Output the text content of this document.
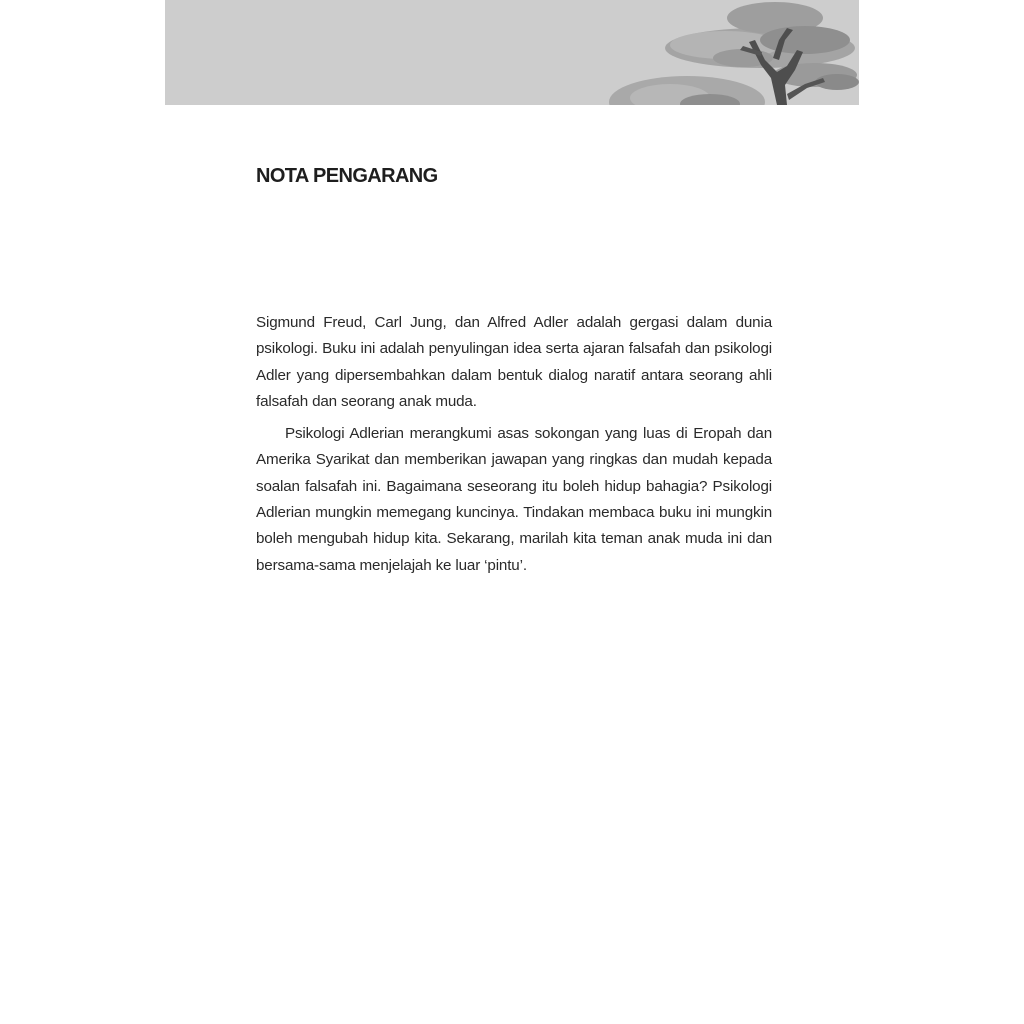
NOTA PENGARANG

Sigmund Freud, Carl Jung, dan Alfred Adler adalah gergasi dalam dunia psikologi. Buku ini adalah penyulingan idea serta ajaran falsafah dan psikologi Adler yang dipersembahkan dalam bentuk dialog naratif antara seorang ahli falsafah dan seorang anak muda.

Psikologi Adlerian merangkumi asas sokongan yang luas di Eropah dan Amerika Syarikat dan memberikan jawapan yang ringkas dan mudah kepada soalan falsafah ini. Bagaimana seseorang itu boleh hidup bahagia? Psikologi Adlerian mungkin memegang kuncinya. Tindakan membaca buku ini mungkin boleh mengubah hidup kita. Sekarang, marilah kita teman anak muda ini dan bersama-sama menjelajah ke luar ‘pintu’.
